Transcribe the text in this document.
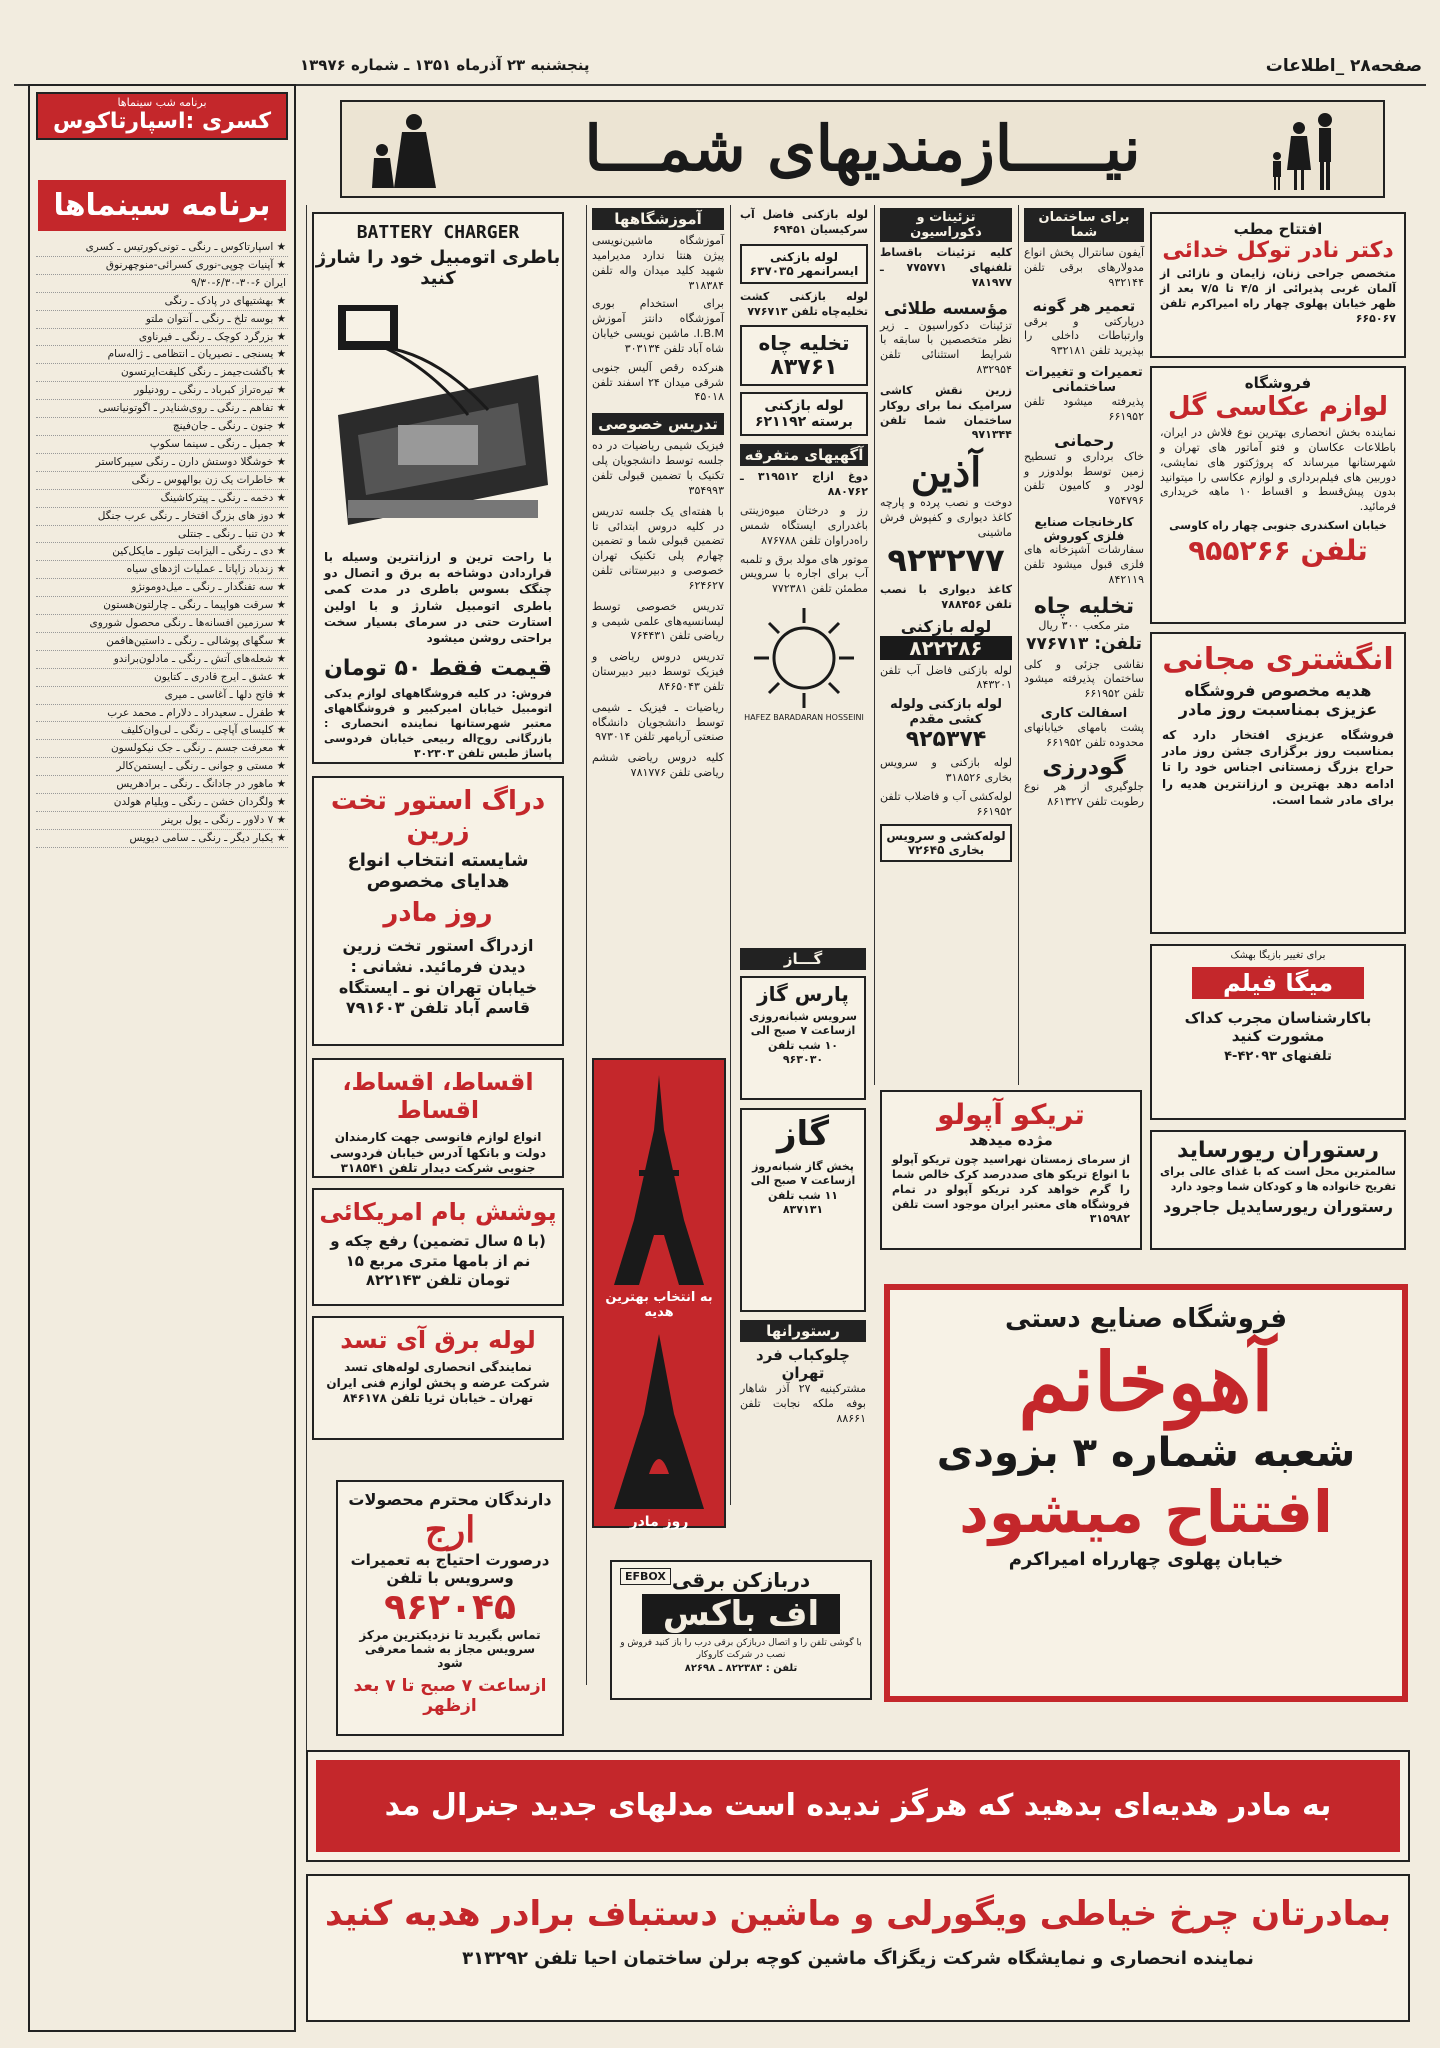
صفحه۲۸ _اطلاعات
پنجشنبه ۲۳ آذرماه ۱۳۵۱ ـ شماره ۱۳۹۷۶
نیـــــازمندیهای شمـــا
برنامه‌ شب سینماها
کسری :اسپارتاکوس
برنامه سینماها
★ اسپارتاکوس ـ رنگی ـ تونی‌کورتیس ـ کسری
★ آپنیات چوپی-نوری کسرائی-منوچهرنوق
ایران ۶-۳۰-۶/۳۰-۹/۳۰
★ بهشتیهای در پادک ـ رنگی
★ بوسه تلخ ـ رنگی ـ آنتوان ملتو
★ بزرگرد کوچک ـ رنگی ـ فیرناوی
★ یسنجی ـ نصیریان ـ انتظامی ـ ژاله‌سام
★ باگشت‌جیمز ـ رنگی کلیفت‌ایرتسون
★ تیره‌تراز کبرباد ـ رنگی ـ رودنیلور
★ تفاهم ـ رنگی ـ روی‌شنایدر ـ اگوتونیاتسی
★ جنون ـ رنگی ـ جان‌فینچ
★ جمیل ـ رنگی ـ سینما سکوپ
★ خوشگلا دوستش دارن ـ رنگی سیبرکاستر
★ خاطرات یک زن بوالهوس ـ رنگی
★ دخمه ـ رنگی ـ پیترکاشینگ
★ دوز های بزرگ افتخار ـ رنگی عرب جنگل
★ دن تنبا ـ رنگی ـ جنتلی
★ دی ـ رنگی ـ الیزابت تیلور ـ مایکل‌کین
★ زندباد زاپاتا ـ عملیات اژدهای سیاه
★ سه تفنگدار ـ رنگی ـ میل‌دومونژو
★ سرقت هواپیما ـ رنگی ـ چارلتون‌هستون
★ سرزمین افسانه‌ها ـ رنگی محصول شوروی
★ سگهای پوشالی ـ رنگی ـ داستین‌هافمن
★ شعله‌های آتش ـ رنگی ـ مادلون‌براندو
★ عشق ـ ایرج قادری ـ کتایون
★ فاتح دلها ـ آغاسی ـ میری
★ طفرل ـ سعیدراد ـ دلارام ـ محمد عرب
★ کلیسای آپاچی ـ رنگی ـ لی‌وان‌کلیف
★ معرفت جسم ـ رنگی ـ جک نیکولسون
★ مستی و جوانی ـ رنگی ـ ایستمن‌کالر
★ ماهور در جادانگ ـ رنگی ـ برادهریس
★ ولگردان خشن ـ رنگی ـ ویلیام هولدن
★ ۷ دلاور ـ رنگی ـ یول برینر
★ یکبار دیگر ـ رنگی ـ سامی دیویس
BATTERY CHARGER
باطری اتومبیل خود را شارژ کنید

با راحت ترین و ارزانترین وسیله با قراردادن دوشاخه به برق و اتصال دو چنگک بسوس باطری در مدت کمی باطری اتومبیل شارژ و با اولین استارت حتی در سرمای بسیار سخت براحتی روشن میشود

قیمت فقط ۵۰ تومان

فروش: در کلیه فروشگاههای لوازم یدکی اتومبیل خیابان امیرکبیر و فروشگاههای معتبر شهرستانها نماینده انحصاری : بازرگانی روح‌اله ربیعی خیابان فردوسی پاساژ طبس تلفن ۳۰۲۳۰۳

دراگ استور تخت زرین
شایسته انتخاب انواع هدایای مخصوص
روز مادر

ازدراگ استور تخت زرین دیدن فرمائید. نشانی : خیابان تهران نو ـ ایستگاه قاسم آباد تلفن ۷۹۱۶۰۳

اقساط، اقساط، اقساط

انواع لوازم فانوسی جهت کارمندان دولت و بانکها آدرس خیابان فردوسی جنوبی شرکت دیدار تلفن ۳۱۸۵۴۱

پوشش بام امریکائی

(با ۵ سال تضمین) رفع چکه‌ و نم از بامها متری مربع ۱۵ تومان تلفن ۸۲۲۱۴۳

لوله برق آی تسد

نمایندگی انحصاری لوله‌های تسد شرکت عرضه و پخش لوازم فنی ایران تهران ـ خیابان ثریا تلفن ۸۴۶۱۷۸

دارندگان محترم محصولات
ارج
درصورت احتیاج به تعمیرات وسرویس با تلفن
۹۶۲۰۴۵
تماس بگیرید تا نزدیکترین مرکز سرویس مجاز به شما معرفی شود
ازساعت ۷ صبح تا ۷ بعد ازظهر
آموزشگاهها

آموزشگاه ماشین‌نویسی پیژن هنتا ندارد مدیرامید شهید کلید میدان واله تلفن ۳۱۸۳۸۴

برای استخدام بوری آموزشگاه دانتز آموزش I.B.M. ماشین نویسی خیابان شاه آباد تلفن ۳۰۳۱۳۴

هنرکده رقص آلیس جنوبی شرقی میدان ۲۴ اسفند تلفن ۴۵۰۱۸

تدریس خصوصی

فیزیک شیمی ریاضیات در ده جلسه توسط دانشجویان پلی تکنیک با تضمین قبولی تلفن ۳۵۴۹۹۳

با هفته‌ای یک جلسه تدریس در کلیه دروس ابتدائی تا تضمین قبولی شما و تضمین چهارم پلی تکنیک تهران خصوصی و دبیرستانی تلفن ۶۲۴۶۲۷

تدریس خصوصی توسط لیسانسیه‌های علمی شیمی و ریاضی تلفن ۷۶۴۴۳۱

تدریس دروس ریاضی و فیزیک توسط دبیر دبیرستان تلفن ۸۴۶۵۰۴۳

ریاضیات ـ فیزیک ـ شیمی توسط دانشجویان دانشگاه صنعتی آریامهر تلفن ۹۷۳۰۱۴

کلیه دروس ریاضی ششم ریاضی تلفن ۷۸۱۷۷۶

گـــاز
پارس گاز

سرویس شبانه‌روزی ازساعت ۷ صبح الی ۱۰ شب تلفن ۹۶۳۰۳۰

گاز

پخش گاز شبانه‌روز ازساعت ۷ صبح الی ۱۱ شب تلفن ۸۳۷۱۳۱

رستورانها
چلوکباب فرد تهران

مشترکینیه ۲۷ آذر شاهار بوفه ملکه نجابت تلفن ۸۸۶۶۱

به انتخاب بهترین هدیه
روز مادر

لوله بازکنی فاضل آب سرکیسیان ۶۹۴۵۱

لوله بازکنی ایسرانمهر ۶۳۷۰۳۵

لوله بازکنی کشت تخلیه‌چاه تلفن ۷۷۶۷۱۳

تخلیه چاه
۸۳۷۶۱
لوله بازکنی برسته ۶۲۱۱۹۲
آگهیهای متفرقه

دوغ ازاج ۳۱۹۵۱۲ ـ ۸۸۰۷۶۲

رز و درختان میوه‌زینتی باغدراری ایستگاه شمس راه‌دراوان تلفن ۸۷۶۷۸۸

موتور های مولد برق و تلمبه آب برای اجاره با سرویس مطمئن تلفن ۷۷۲۳۸۱

HAFEZ BARADARAN HOSSEINI
تزئینات و دکوراسیون

کلیه تزئینات باقساط تلفنهای ۷۷۵۷۷۱ ـ ۷۸۱۹۷۷

مؤسسه طلائی

تزئینات دکوراسیون ـ زیر نظر متخصصین با سابقه با شرایط استثنائی تلفن ۸۳۲۹۵۴

زرین نقش کاشی سرامیک نما برای روکار ساختمان شما تلفن ۹۷۱۳۴۴

آذین

دوخت و نصب پرده و پارچه کاغذ دیواری و کفپوش فرش ماشینی

۹۲۳۲۷۷

کاغذ دیواری با نصب تلفن ۷۸۸۴۵۶

لوله بازکنی
۸۲۲۲۸۶

لوله بازکنی فاضل آب تلفن ۸۴۳۲۰۱

لوله بازکنی ولوله کشی مقدم
۹۲۵۳۷۴

لوله بازکنی و سرویس بخاری ۳۱۸۵۲۶

لوله‌کشی آب و فاضلاب تلفن ۶۶۱۹۵۲

لوله‌کشی و سرویس بخاری ۷۲۶۴۵
برای ساختمان شما

آیفون سانترال پخش انواع مدولارهای برقی تلفن ۹۳۲۱۴۴

تعمیر هر گونه

درپارکتی و برقی وارتباطات داخلی را بپذیرید تلفن ۹۳۲۱۸۱

تعمیرات و تغییرات ساختمانی

پذیرفته میشود تلفن ۶۶۱۹۵۲

رحمانی

خاک برداری و تسطیح زمین توسط بولدوزر و لودر و کامیون تلفن ۷۵۴۷۹۶

کارخانجات صنایع فلزی کوروش

سفارشات آشپزخانه های فلزی قبول میشود تلفن ۸۴۲۱۱۹

تخلیه چاه

متر مکعب ۳۰۰ ریال

تلفن: ۷۷۶۷۱۳

نقاشی جزئی و کلی ساختمان پذیرفته میشود تلفن ۶۶۱۹۵۲

اسفالت کاری

پشت بامهای خیابانهای محدوده تلفن ۶۶۱۹۵۲

گودرزی

جلوگیری از هر نوع رطوبت تلفن ۸۶۱۳۲۷

افتتاح مطب
دکتر نادر توکل خدائی

متخصص جراحی زنان، زایمان و نازائی از آلمان غربی پذیرائی از ۴/۵ تا ۷/۵ بعد از ظهر خیابان پهلوی چهار راه امیراکرم تلفن ۶۶۵۰۶۷

فروشگاه
لوازم عکاسی گل

نماینده بخش انحصاری بهترین نوع فلاش در ایران، باطلاعات عکاسان و فتو آماتور های تهران و شهرستانها میرساند که پروژکتور های نمایشی، دوربین های فیلم‌برداری و لوازم عکاسی را میتوانید بدون پیش‌قسط و اقساط ۱۰ ماهه خریداری فرمائید.

خیابان اسکندری جنوبی چهار راه کاوسی

تلفن ۹۵۵۲۶۶
انگشتری مجانی
هدیه مخصوص فروشگاه عزیزی بمناسبت روز مادر

فروشگاه عزیزی افتخار دارد که بمناسبت روز برگزاری جشن روز مادر حراج بزرگ زمستانی اجناس خود را تا ادامه دهد بهترین و ارزانترین هدیه را برای مادر شما است.

برای تغییر بازیگا بهشک
میگا فیلم
باکارشناسان مجرب کداک مشورت کنید
تلفنهای ۴۲۰۹۳-۴
رستوران ریورساید

سالمترین محل است که با غذای عالی برای تفریح خانواده ها و کودکان شما وجود دارد

رستوران ریورسایدیل جاجرود
تریکو آپولو
مژده میدهد

از سرمای زمستان نهراسید چون تریکو آپولو با انواع تریکو های صددرصد کرک خالص شما را گرم خواهد کرد تریکو آپولو در تمام فروشگاه های معتبر ایران موجود است تلفن ۳۱۵۹۸۲

فروشگاه صنایع دستی
آهوخانم
شعبه شماره ۳ بزودی
افتتاح میشود
خیابان پهلوی چهارراه امیراکرم
EFBOX دربازکن برقی
اف باکس

با گوشی تلفن را و اتصال دربازکن برقی درب را باز کنید فروش و نصب در شرکت کاروکار

تلفن : ۸۲۲۳۸۳ ـ ۸۲۶۹۸
به مادر هدیه‌ای بدهید که هرگز ندیده است مدلهای جدید جنرال مد
بمادرتان چرخ خیاطی ویگورلی و ماشین دستباف برادر هدیه کنید
نماینده انحصاری و نمایشگاه شرکت زیگزاگ ماشین کوچه برلن ساختمان احیا تلفن ۳۱۳۲۹۲
